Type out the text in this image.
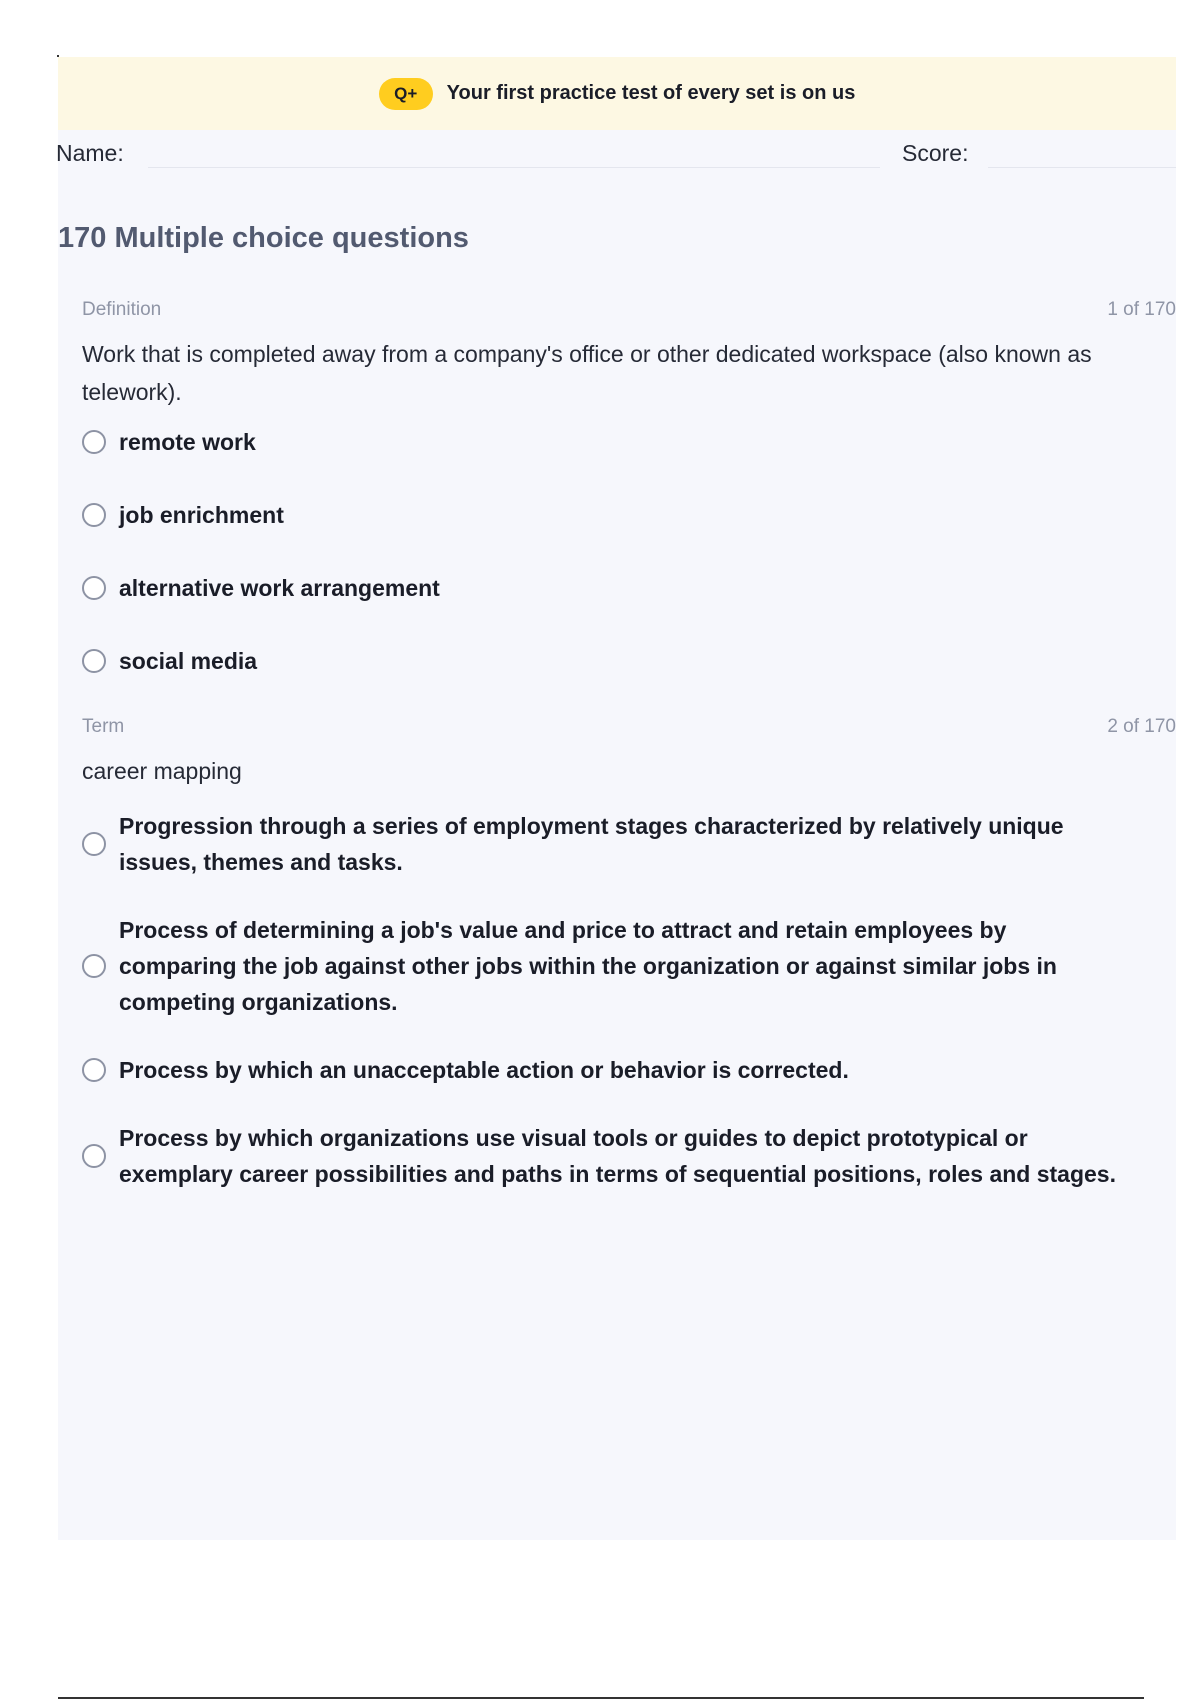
Q+	Your first practice test of every set is on us
Name:	Score:
170 Multiple choice questions
Definition	1 of 170
Work that is completed away from a company's office or other dedicated workspace (also known as telework).
remote work
job enrichment
alternative work arrangement
social media
Term	2 of 170
career mapping
Progression through a series of employment stages characterized by relatively unique issues, themes and tasks.
Process of determining a job's value and price to attract and retain employees by comparing the job against other jobs within the organization or against similar jobs in competing organizations.
Process by which an unacceptable action or behavior is corrected.
Process by which organizations use visual tools or guides to depict prototypical or exemplary career possibilities and paths in terms of sequential positions, roles and stages.
